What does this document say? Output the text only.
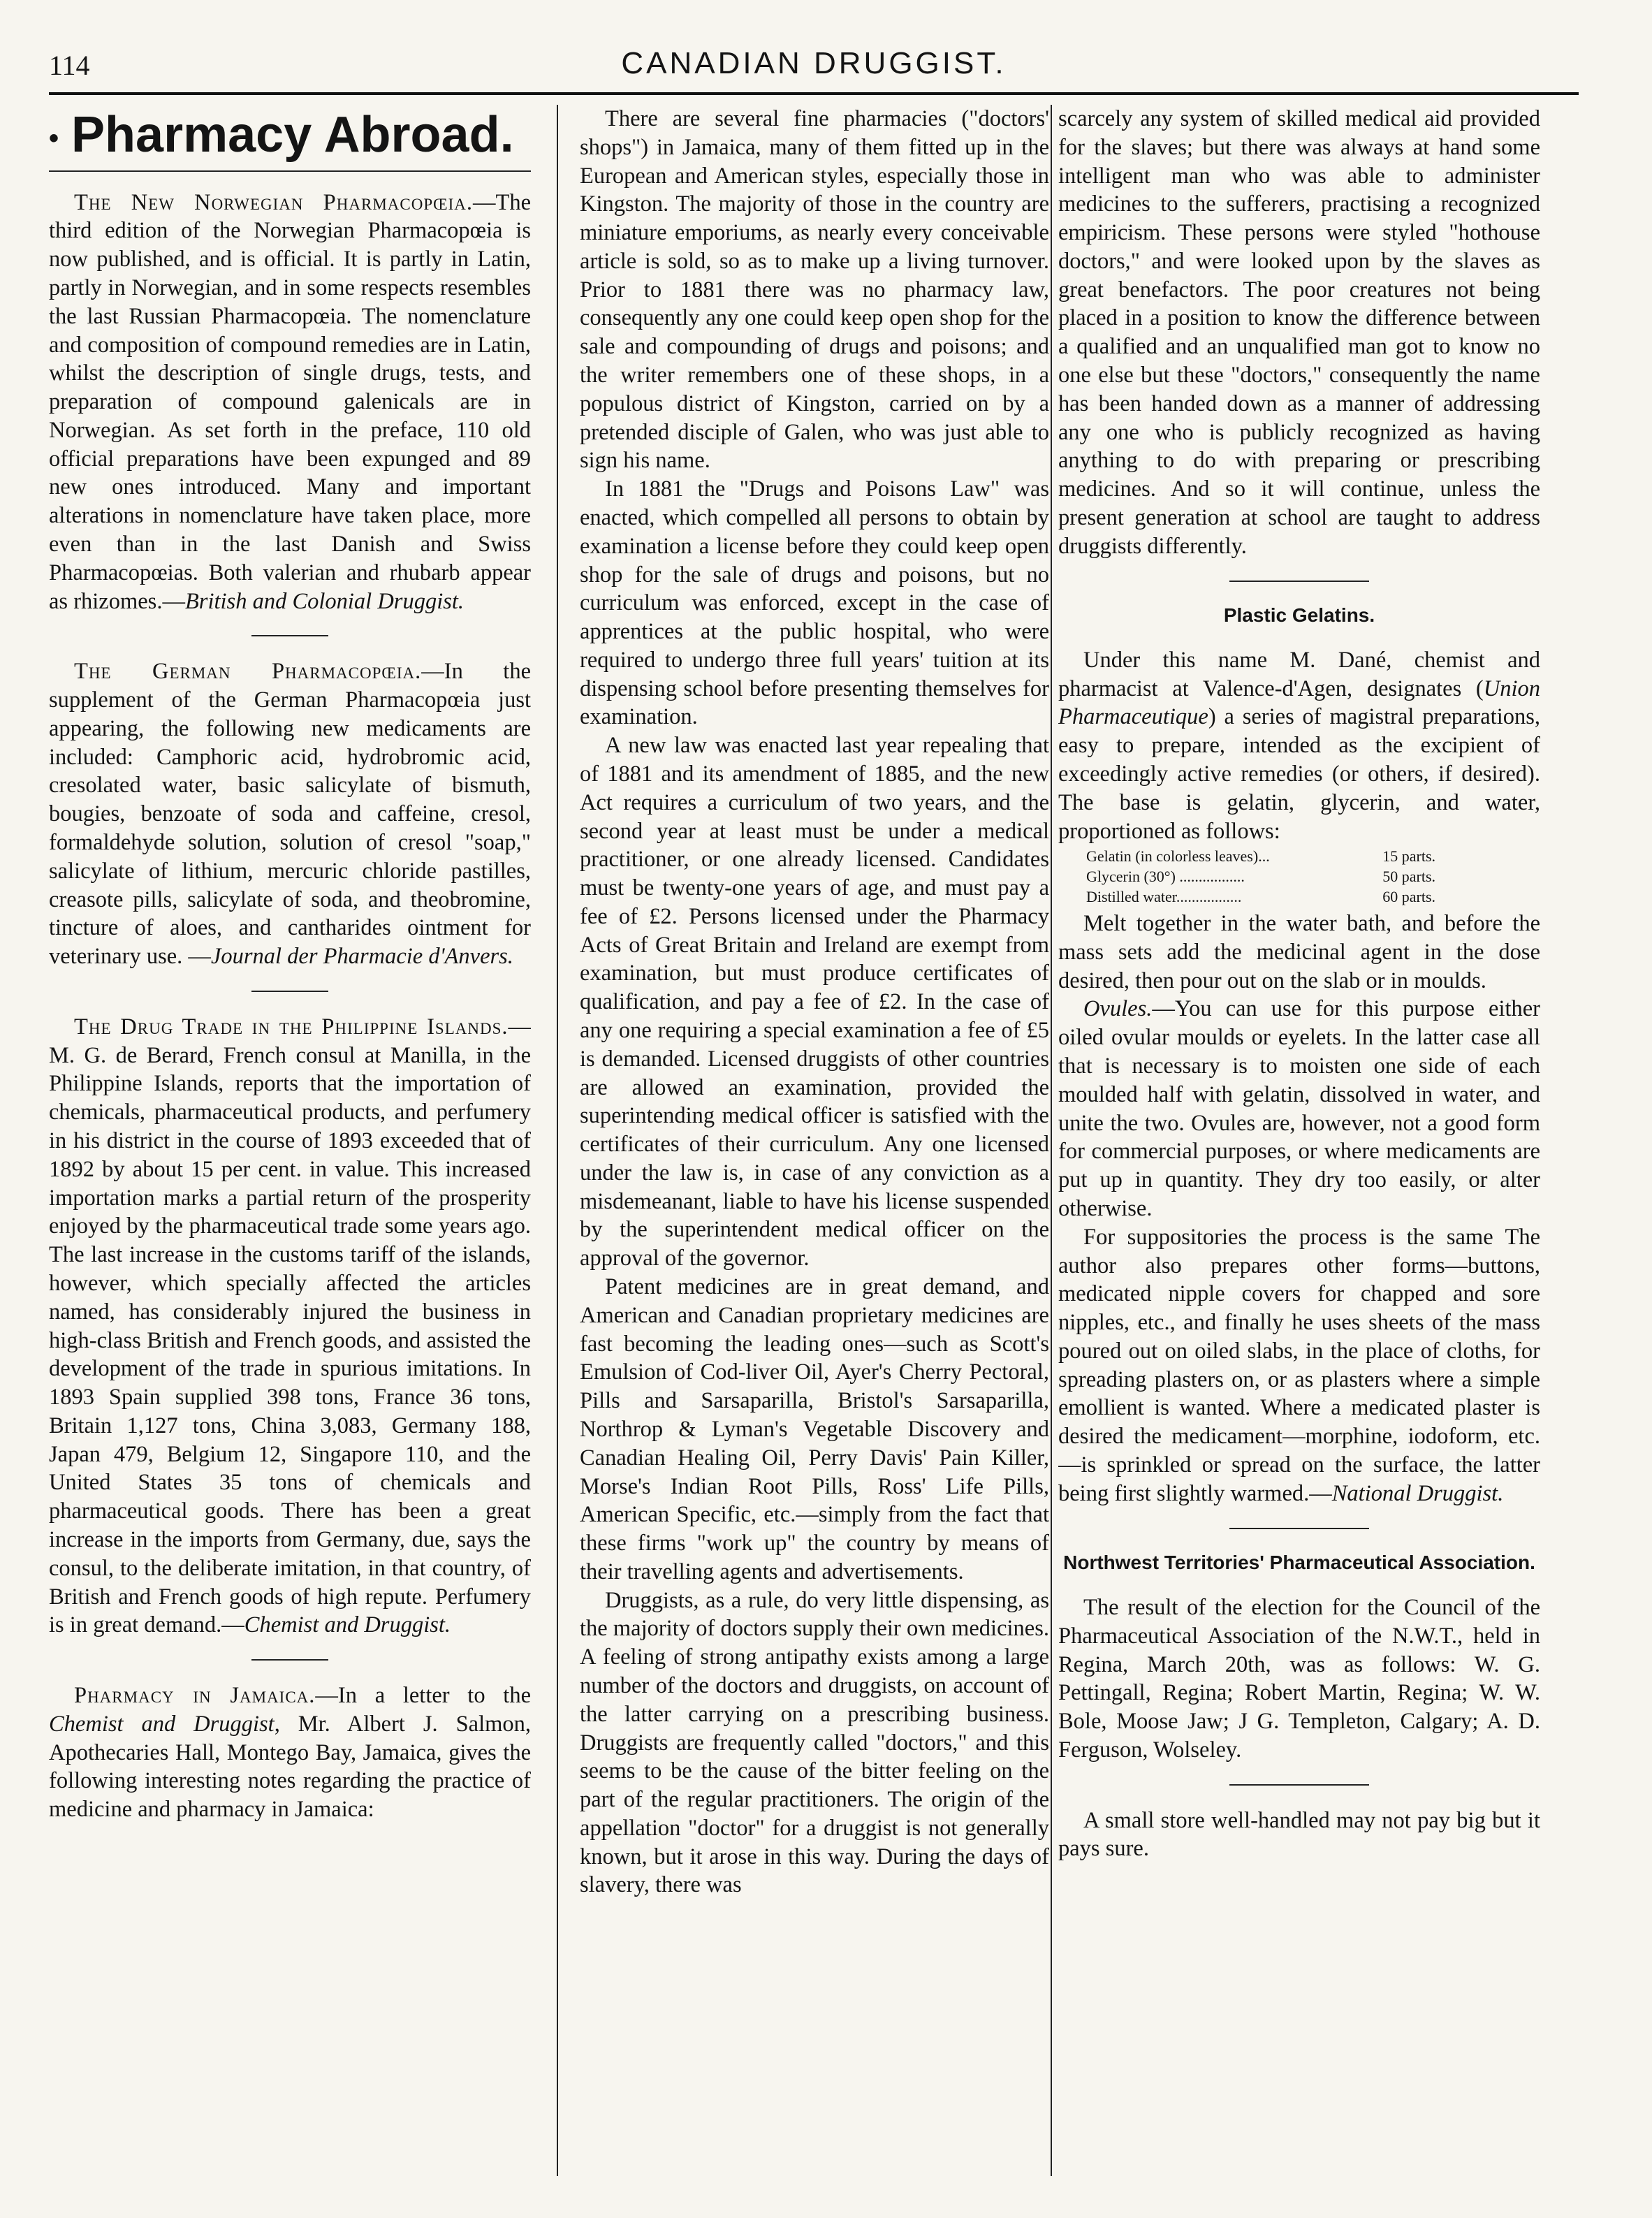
114	CANADIAN DRUGGIST.
• Pharmacy Abroad.

The New Norwegian Pharmacopœia.—The third edition of the Norwegian Pharmacopœia is now published, and is official. It is partly in Latin, partly in Norwegian, and in some respects resembles the last Russian Pharmacopœia. The nomenclature and composition of compound remedies are in Latin, whilst the description of single drugs, tests, and preparation of compound galenicals are in Norwegian. As set forth in the preface, 110 old official preparations have been expunged and 89 new ones introduced. Many and important alterations in nomenclature have taken place, more even than in the last Danish and Swiss Pharmacopœias. Both valerian and rhubarb appear as rhizomes.—British and Colonial Druggist.

The German Pharmacopœia.—In the supplement of the German Pharmacopœia just appearing, the following new medicaments are included: Camphoric acid, hydrobromic acid, cresolated water, basic salicylate of bismuth, bougies, benzoate of soda and caffeine, cresol, formaldehyde solution, solution of cresol "soap," salicylate of lithium, mercuric chloride pastilles, creasote pills, salicylate of soda, and theobromine, tincture of aloes, and cantharides ointment for veterinary use. —Journal der Pharmacie d'Anvers.

The Drug Trade in the Philippine Islands.—M. G. de Berard, French consul at Manilla, in the Philippine Islands, reports that the importation of chemicals, pharmaceutical products, and perfumery in his district in the course of 1893 exceeded that of 1892 by about 15 per cent. in value. This increased importation marks a partial return of the prosperity enjoyed by the pharmaceutical trade some years ago. The last increase in the customs tariff of the islands, however, which specially affected the articles named, has considerably injured the business in high-class British and French goods, and assisted the development of the trade in spurious imitations. In 1893 Spain supplied 398 tons, France 36 tons, Britain 1,127 tons, China 3,083, Germany 188, Japan 479, Belgium 12, Singapore 110, and the United States 35 tons of chemicals and pharmaceutical goods. There has been a great increase in the imports from Germany, due, says the consul, to the deliberate imitation, in that country, of British and French goods of high repute. Perfumery is in great demand.—Chemist and Druggist.

Pharmacy in Jamaica.—In a letter to the Chemist and Druggist, Mr. Albert J. Salmon, Apothecaries Hall, Montego Bay, Jamaica, gives the following interesting notes regarding the practice of medicine and pharmacy in Jamaica:

There are several fine pharmacies ("doctors' shops") in Jamaica, many of them fitted up in the European and American styles, especially those in Kingston. The majority of those in the country are miniature emporiums, as nearly every conceivable article is sold, so as to make up a living turnover. Prior to 1881 there was no pharmacy law, consequently any one could keep open shop for the sale and compounding of drugs and poisons; and the writer remembers one of these shops, in a populous district of Kingston, carried on by a pretended disciple of Galen, who was just able to sign his name.

In 1881 the "Drugs and Poisons Law" was enacted, which compelled all persons to obtain by examination a license before they could keep open shop for the sale of drugs and poisons, but no curriculum was enforced, except in the case of apprentices at the public hospital, who were required to undergo three full years' tuition at its dispensing school before presenting themselves for examination.

A new law was enacted last year repealing that of 1881 and its amendment of 1885, and the new Act requires a curriculum of two years, and the second year at least must be under a medical practitioner, or one already licensed. Candidates must be twenty-one years of age, and must pay a fee of £2. Persons licensed under the Pharmacy Acts of Great Britain and Ireland are exempt from examination, but must produce certificates of qualification, and pay a fee of £2. In the case of any one requiring a special examination a fee of £5 is demanded. Licensed druggists of other countries are allowed an examination, provided the superintending medical officer is satisfied with the certificates of their curriculum. Any one licensed under the law is, in case of any conviction as a misdemeanant, liable to have his license suspended by the superintendent medical officer on the approval of the governor.

Patent medicines are in great demand, and American and Canadian proprietary medicines are fast becoming the leading ones—such as Scott's Emulsion of Cod-liver Oil, Ayer's Cherry Pectoral, Pills and Sarsaparilla, Bristol's Sarsaparilla, Northrop & Lyman's Vegetable Discovery and Canadian Healing Oil, Perry Davis' Pain Killer, Morse's Indian Root Pills, Ross' Life Pills, American Specific, etc.—simply from the fact that these firms "work up" the country by means of their travelling agents and advertisements.

Druggists, as a rule, do very little dispensing, as the majority of doctors supply their own medicines. A feeling of strong antipathy exists among a large number of the doctors and druggists, on account of the latter carrying on a prescribing business. Druggists are frequently called "doctors," and this seems to be the cause of the bitter feeling on the part of the regular practitioners. The origin of the appellation "doctor" for a druggist is not generally known, but it arose in this way. During the days of slavery, there was

scarcely any system of skilled medical aid provided for the slaves; but there was always at hand some intelligent man who was able to administer medicines to the sufferers, practising a recognized empiricism. These persons were styled "hothouse doctors," and were looked upon by the slaves as great benefactors. The poor creatures not being placed in a position to know the difference between a qualified and an unqualified man got to know no one else but these "doctors," consequently the name has been handed down as a manner of addressing any one who is publicly recognized as having anything to do with preparing or prescribing medicines. And so it will continue, unless the present generation at school are taught to address druggists differently.

Plastic Gelatins.

Under this name M. Dané, chemist and pharmacist at Valence-d'Agen, designates (Union Pharmaceutique) a series of magistral preparations, easy to prepare, intended as the excipient of exceedingly active remedies (or others, if desired). The base is gelatin, glycerin, and water, proportioned as follows:

Gelatin (in colorless leaves)...	15 parts.
Glycerin (30°) .................	50 parts.
Distilled water.................	60 parts.

Melt together in the water bath, and before the mass sets add the medicinal agent in the dose desired, then pour out on the slab or in moulds.

Ovules.—You can use for this purpose either oiled ovular moulds or eyelets. In the latter case all that is necessary is to moisten one side of each moulded half with gelatin, dissolved in water, and unite the two. Ovules are, however, not a good form for commercial purposes, or where medicaments are put up in quantity. They dry too easily, or alter otherwise.

For suppositories the process is the same The author also prepares other forms—buttons, medicated nipple covers for chapped and sore nipples, etc., and finally he uses sheets of the mass poured out on oiled slabs, in the place of cloths, for spreading plasters on, or as plasters where a simple emollient is wanted. Where a medicated plaster is desired the medicament—morphine, iodoform, etc.—is sprinkled or spread on the surface, the latter being first slightly warmed.—National Druggist.

Northwest Territories' Pharmaceutical Association.

The result of the election for the Council of the Pharmaceutical Association of the N.W.T., held in Regina, March 20th, was as follows: W. G. Pettingall, Regina; Robert Martin, Regina; W. W. Bole, Moose Jaw; J G. Templeton, Calgary; A. D. Ferguson, Wolseley.

A small store well-handled may not pay big but it pays sure.
